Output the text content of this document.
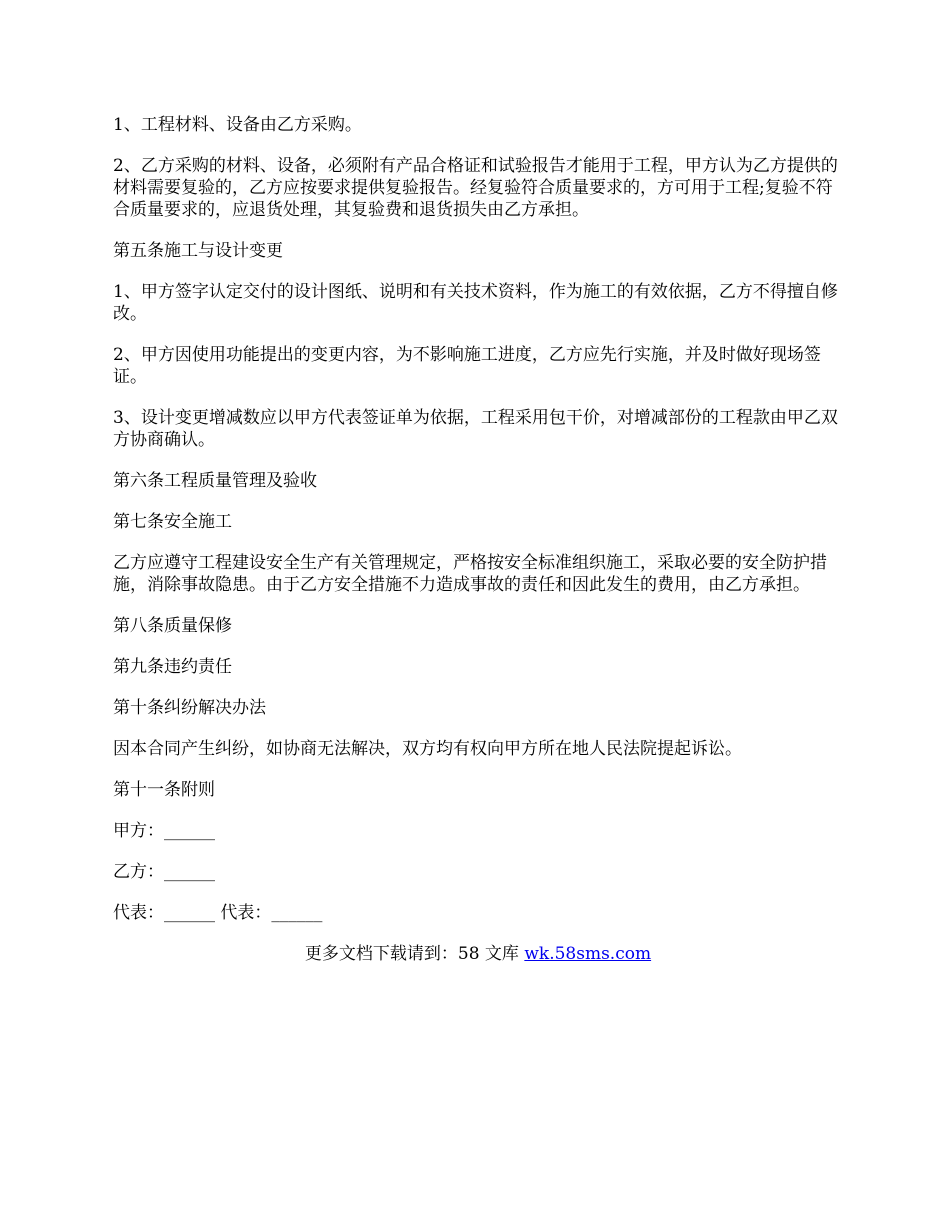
1、工程材料、设备由乙方采购。

2、乙方采购的材料、设备，必须附有产品合格证和试验报告才能用于工程，甲方认为乙方提供的材料需要复验的，乙方应按要求提供复验报告。经复验符合质量要求的，方可用于工程;复验不符合质量要求的，应退货处理，其复验费和退货损失由乙方承担。

第五条施工与设计变更

1、甲方签字认定交付的设计图纸、说明和有关技术资料，作为施工的有效依据，乙方不得擅自修改。

2、甲方因使用功能提出的变更内容，为不影响施工进度，乙方应先行实施，并及时做好现场签证。

3、设计变更增减数应以甲方代表签证单为依据，工程采用包干价，对增减部份的工程款由甲乙双方协商确认。

第六条工程质量管理及验收

第七条安全施工

乙方应遵守工程建设安全生产有关管理规定，严格按安全标准组织施工，采取必要的安全防护措施，消除事故隐患。由于乙方安全措施不力造成事故的责任和因此发生的费用，由乙方承担。

第八条质量保修

第九条违约责任

第十条纠纷解决办法

因本合同产生纠纷，如协商无法解决，双方均有权向甲方所在地人民法院提起诉讼。

第十一条附则

甲方：______

乙方：______

代表：______ 代表：______

更多文档下载请到：58 文库 wk.58sms.com
